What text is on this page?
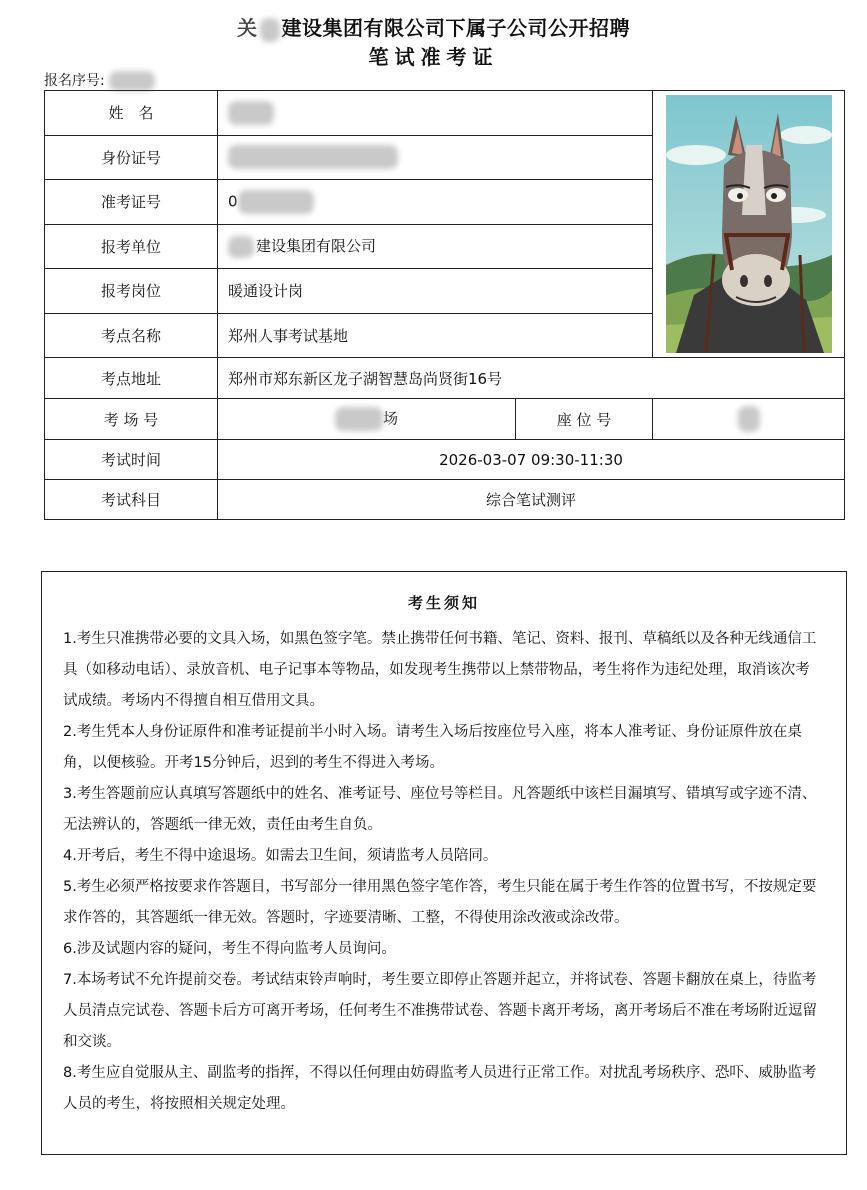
关 建设集团有限公司下属子公司公开招聘
笔试准考证
报名序号:
姓　名		

身份证号			
准考证号	0		
报考单位	建设集团有限公司		
报考岗位	暖通设计岗		
考点名称	郑州人事考试基地		
考点地址	郑州市郑东新区龙子湖智慧岛尚贤街16号		
考 场 号	场	座 位 号	
考试时间	2026-03-07 09:30-11:30		
考试科目	综合笔试测评		
考生须知

1.考生只准携带必要的文具入场，如黑色签字笔。禁止携带任何书籍、笔记、资料、报刊、草稿纸以及各种无线通信工具（如移动电话）、录放音机、电子记事本等物品，如发现考生携带以上禁带物品，考生将作为违纪处理，取消该次考试成绩。考场内不得擅自相互借用文具。

2.考生凭本人身份证原件和准考证提前半小时入场。请考生入场后按座位号入座，将本人准考证、身份证原件放在桌角，以便核验。开考15分钟后，迟到的考生不得进入考场。

3.考生答题前应认真填写答题纸中的姓名、准考证号、座位号等栏目。凡答题纸中该栏目漏填写、错填写或字迹不清、无法辨认的，答题纸一律无效，责任由考生自负。

4.开考后，考生不得中途退场。如需去卫生间，须请监考人员陪同。

5.考生必须严格按要求作答题目，书写部分一律用黑色签字笔作答，考生只能在属于考生作答的位置书写，不按规定要求作答的，其答题纸一律无效。答题时，字迹要清晰、工整，不得使用涂改液或涂改带。

6.涉及试题内容的疑问，考生不得向监考人员询问。

7.本场考试不允许提前交卷。考试结束铃声响时，考生要立即停止答题并起立，并将试卷、答题卡翻放在桌上，待监考人员清点完试卷、答题卡后方可离开考场，任何考生不准携带试卷、答题卡离开考场，离开考场后不准在考场附近逗留和交谈。

8.考生应自觉服从主、副监考的指挥，不得以任何理由妨碍监考人员进行正常工作。对扰乱考场秩序、恐吓、威胁监考人员的考生，将按照相关规定处理。
